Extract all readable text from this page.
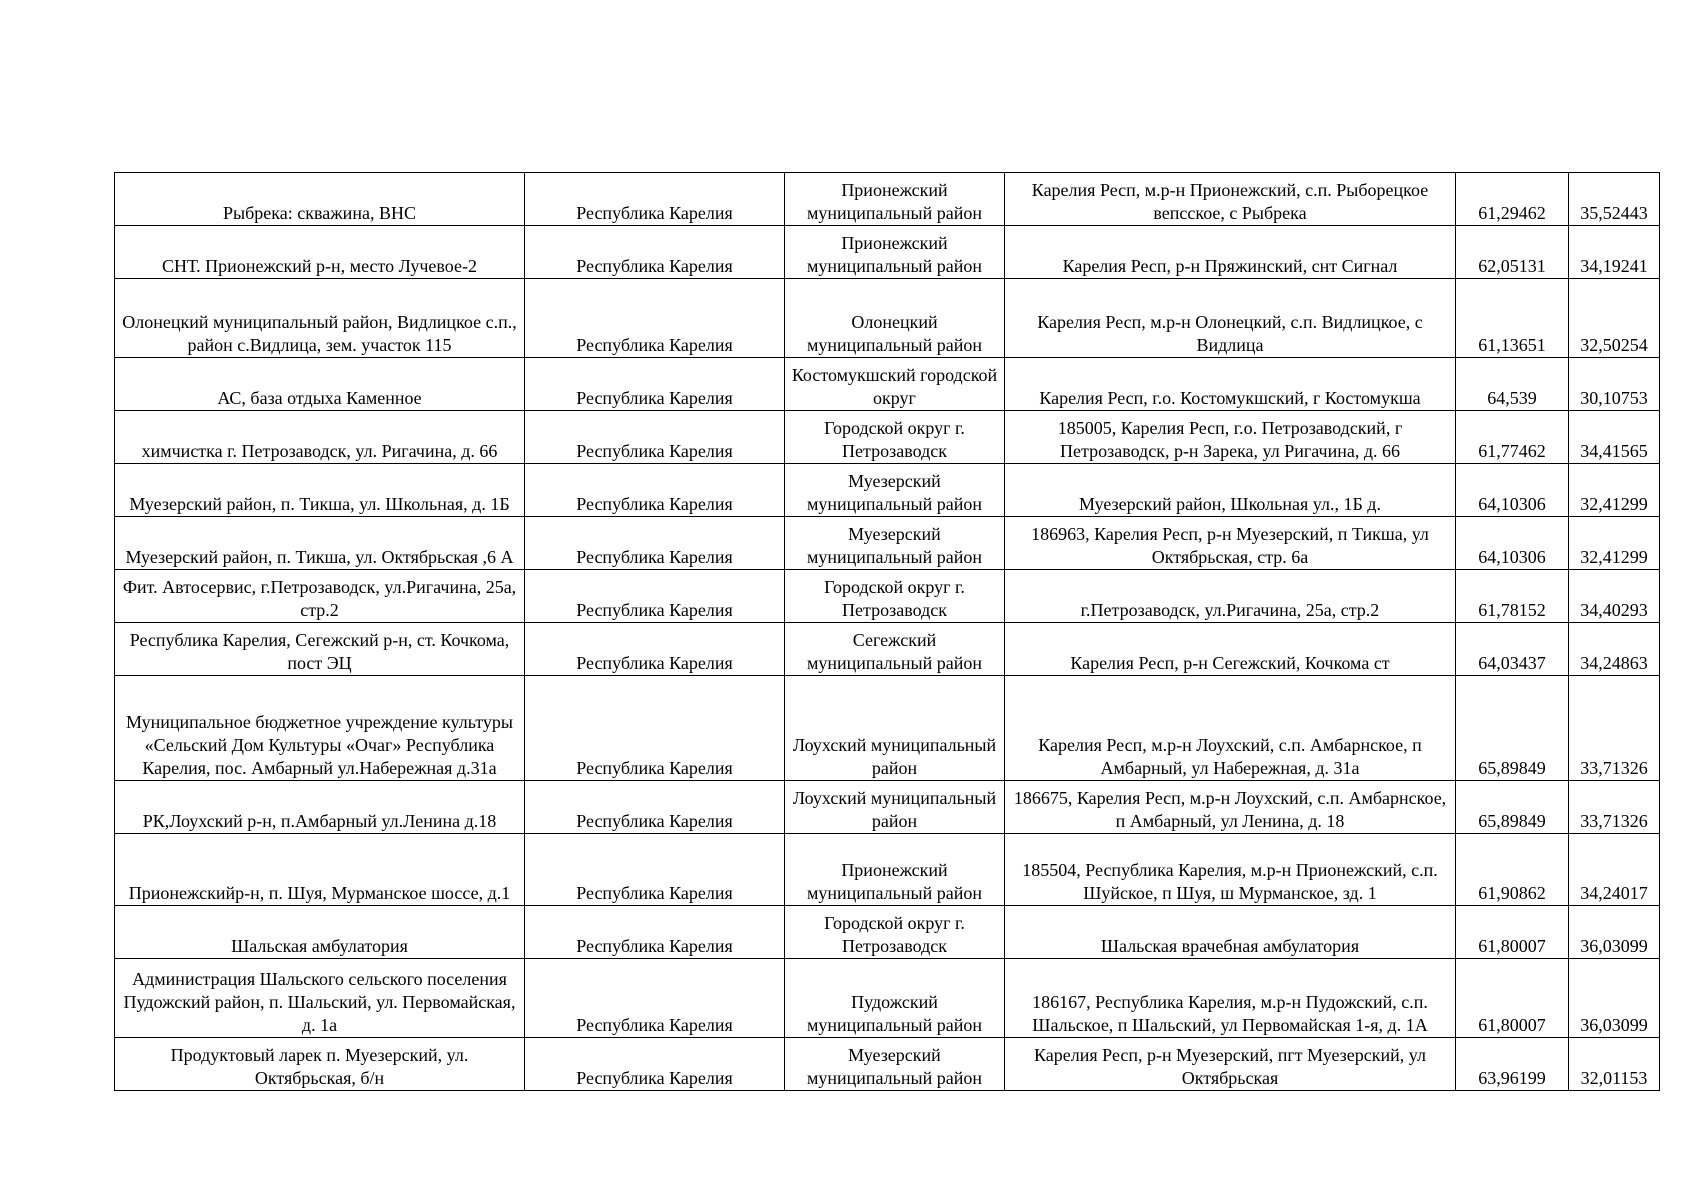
Рыбрека: скважина, ВНС	Республика Карелия	Прионежский муниципальный район	Карелия Респ, м.р-н Прионежский, с.п. Рыборецкое вепсское, с Рыбрека	61,29462	35,52443
СНТ. Прионежский р-н, место Лучевое-2	Республика Карелия	Прионежский муниципальный район	Карелия Респ, р-н Пряжинский, снт Сигнал	62,05131	34,19241
Олонецкий муниципальный район, Видлицкое с.п., район с.Видлица, зем. участок 115	Республика Карелия	Олонецкий муниципальный район	Карелия Респ, м.р-н Олонецкий, с.п. Видлицкое, с Видлица	61,13651	32,50254
АС, база отдыха Каменное	Республика Карелия	Костомукшский городской округ	Карелия Респ, г.о. Костомукшский, г Костомукша	64,539	30,10753
химчистка г. Петрозаводск, ул. Ригачина, д. 66	Республика Карелия	Городской округ г. Петрозаводск	185005, Карелия Респ, г.о. Петрозаводский, г Петрозаводск, р-н Зарека, ул Ригачина, д. 66	61,77462	34,41565
Муезерский район, п. Тикша, ул. Школьная, д. 1Б	Республика Карелия	Муезерский муниципальный район	Муезерский район, Школьная ул., 1Б д.	64,10306	32,41299
Муезерский район, п. Тикша, ул. Октябрьская ,6 А	Республика Карелия	Муезерский муниципальный район	186963, Карелия Респ, р-н Муезерский, п Тикша, ул Октябрьская, стр. 6а	64,10306	32,41299
Фит. Автосервис, г.Петрозаводск, ул.Ригачина, 25а, стр.2	Республика Карелия	Городской округ г. Петрозаводск	г.Петрозаводск, ул.Ригачина, 25а, стр.2	61,78152	34,40293
Республика Карелия, Сегежский р-н, ст. Кочкома, пост ЭЦ	Республика Карелия	Сегежский муниципальный район	Карелия Респ, р-н Сегежский, Кочкома ст	64,03437	34,24863
Муниципальное бюджетное учреждение культуры «Сельский Дом Культуры «Очаг» Республика Карелия, пос. Амбарный ул.Набережная д.31а	Республика Карелия	Лоухский муниципальный район	Карелия Респ, м.р-н Лоухский, с.п. Амбарнское, п Амбарный, ул Набережная, д. 31а	65,89849	33,71326
РК,Лоухский р-н, п.Амбарный ул.Ленина д.18	Республика Карелия	Лоухский муниципальный район	186675, Карелия Респ, м.р-н Лоухский, с.п. Амбарнское, п Амбарный, ул Ленина, д. 18	65,89849	33,71326
Прионежскийр-н, п. Шуя, Мурманское шоссе, д.1	Республика Карелия	Прионежский муниципальный район	185504, Республика Карелия, м.р-н Прионежский, с.п. Шуйское, п Шуя, ш Мурманское, зд. 1	61,90862	34,24017
Шальская амбулатория	Республика Карелия	Городской округ г. Петрозаводск	Шальская врачебная амбулатория	61,80007	36,03099
Администрация Шальского сельского поселения Пудожский район, п. Шальский, ул. Первомайская, д. 1а	Республика Карелия	Пудожский муниципальный район	186167, Республика Карелия, м.р-н Пудожский, с.п. Шальское, п Шальский, ул Первомайская 1-я, д. 1А	61,80007	36,03099
Продуктовый ларек п. Муезерский, ул. Октябрьская, б/н	Республика Карелия	Муезерский муниципальный район	Карелия Респ, р-н Муезерский, пгт Муезерский, ул Октябрьская	63,96199	32,01153
